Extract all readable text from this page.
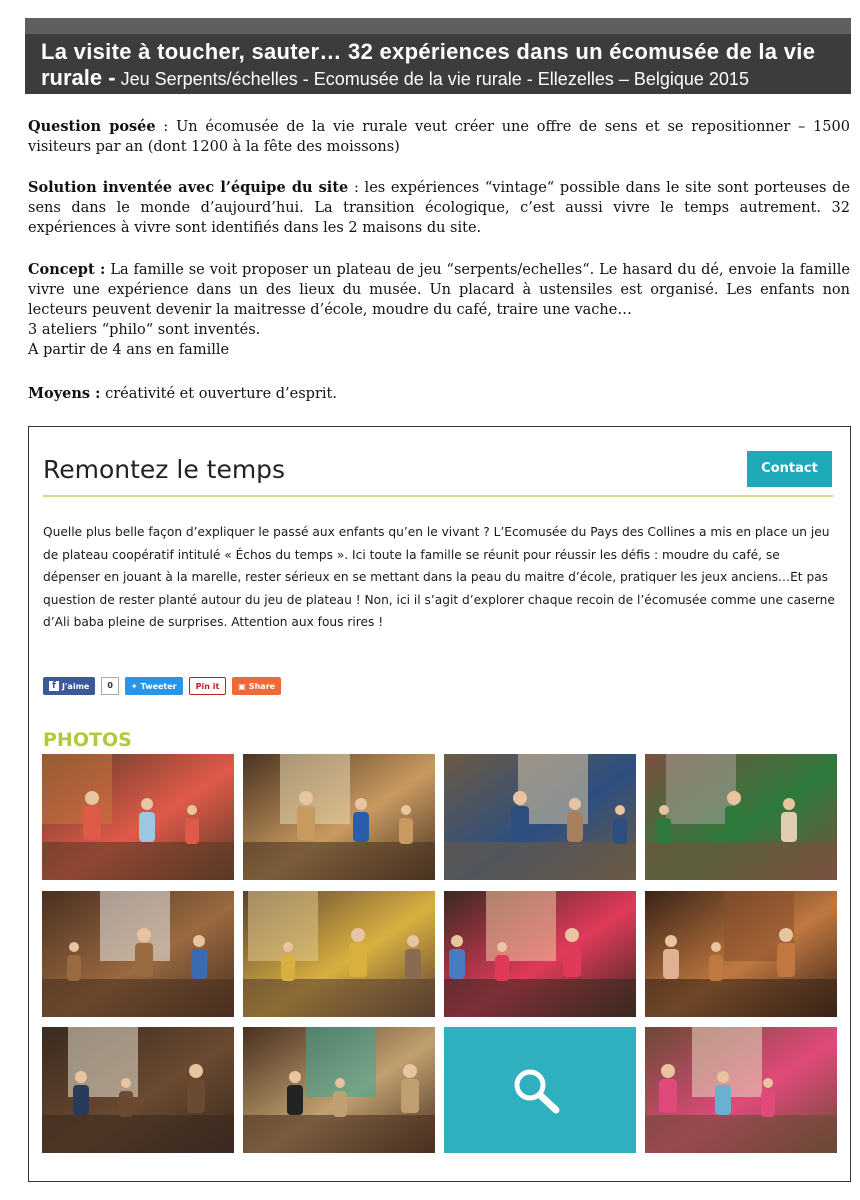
La visite à toucher, sauter… 32 expériences dans un écomusée de la vie
rurale - Jeu Serpents/échelles - Ecomusée de la vie rurale - Ellezelles – Belgique 2015

Question posée : Un écomusée de la vie rurale veut créer une offre de sens et se repositionner – 1500 visiteurs par an (dont 1200 à la fête des moissons)

Solution inventée avec l’équipe du site : les expériences “vintage“ possible dans le site sont porteuses de sens dans le monde d’aujourd’hui. La transition écologique, c’est aussi vivre le temps autrement. 32 expériences à vivre sont identifiés dans les 2 maisons du site.

Concept : La famille se voit proposer un plateau de jeu “serpents/echelles“. Le hasard du dé, envoie la famille vivre une expérience dans un des lieux du musée. Un placard à ustensiles est organisé. Les enfants non lecteurs peuvent devenir la maitresse d’école, moudre du café, traire une vache…

3 ateliers “philo“ sont inventés.

A partir de 4 ans en famille

Moyens : créativité et ouverture d’esprit.

Remontez le temps	Contact
Quelle plus belle façon d’expliquer le passé aux enfants qu’en le vivant ? L’Ecomusée du Pays des Collines a mis en place un jeu de plateau coopératif intitulé « Échos du temps ». Ici toute la famille se réunit pour réussir les défis : moudre du café, se dépenser en jouant à la marelle, rester sérieux en se mettant dans la peau du maitre d’école, pratiquer les jeux anciens…Et pas question de rester planté autour du jeu de plateau ! Non, ici il s’agit d’explorer chaque recoin de l’écomusée comme une caserne d’Ali baba pleine de surprises. Attention aux fous rires !
f J'aime	0	✦ Tweeter Pin it ▣ Share
PHOTOS
